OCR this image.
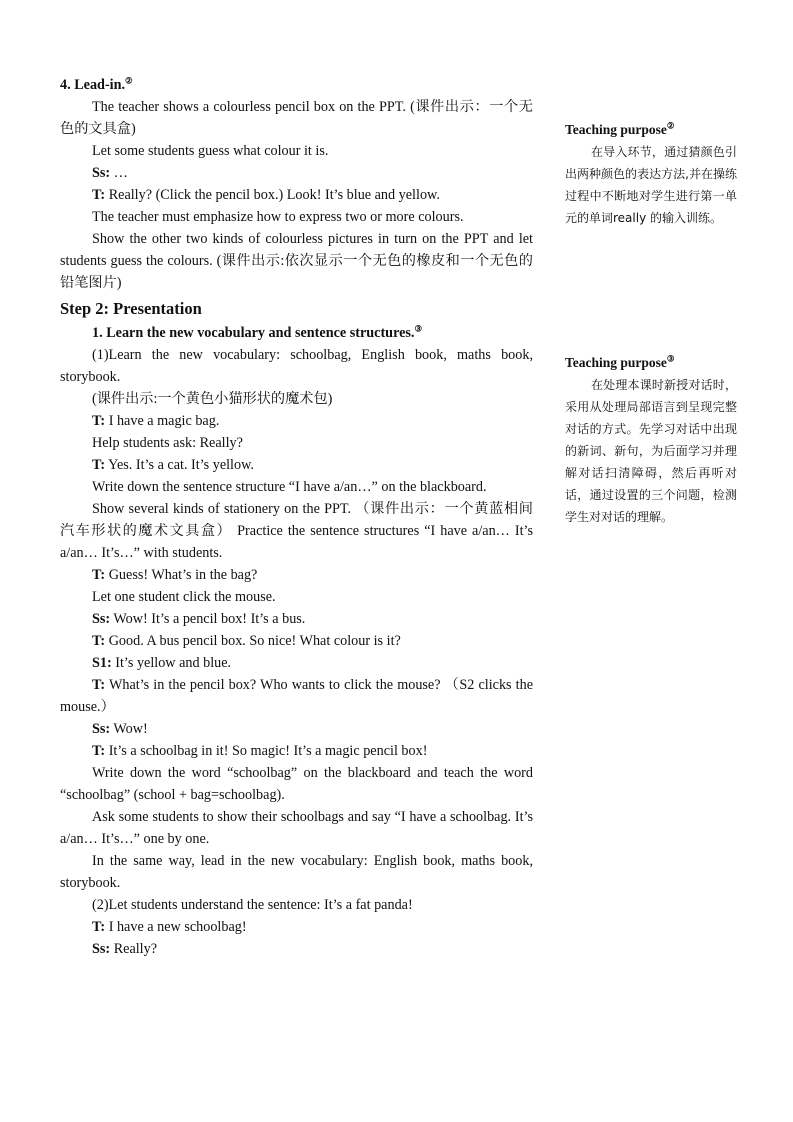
4. Lead-in.②

The teacher shows a colourless pencil box on the PPT. (课件出示：一个无色的文具盒)

Let some students guess what colour it is.

Ss: …

T: Really? (Click the pencil box.) Look! It’s blue and yellow.

The teacher must emphasize how to express two or more colours.

Show the other two kinds of colourless pictures in turn on the PPT and let students guess the colours. (课件出示:依次显示一个无色的橡皮和一个无色的铅笔图片)

Step 2: Presentation

1. Learn the new vocabulary and sentence structures.③

(1)Learn the new vocabulary: schoolbag, English book, maths book, storybook.

(课件出示:一个黄色小猫形状的魔术包)

T: I have a magic bag.

Help students ask: Really?

T: Yes. It’s a cat. It’s yellow.

Write down the sentence structure “I have a/an…” on the blackboard.

Show several kinds of stationery on the PPT. （课件出示：一个黄蓝相间汽车形状的魔术文具盒） Practice the sentence structures “I have a/an… It’s a/an… It’s…” with students.

T: Guess! What’s in the bag?

Let one student click the mouse.

Ss: Wow! It’s a pencil box! It’s a bus.

T: Good. A bus pencil box. So nice! What colour is it?

S1: It’s yellow and blue.

T: What’s in the pencil box? Who wants to click the mouse? （S2 clicks the mouse.）

Ss: Wow!

T: It’s a schoolbag in it! So magic! It’s a magic pencil box!

Write down the word “schoolbag” on the blackboard and teach the word “schoolbag” (school + bag=schoolbag).

Ask some students to show their schoolbags and say “I have a schoolbag. It’s a/an… It’s…” one by one.

In the same way, lead in the new vocabulary: English book, maths book, storybook.

(2)Let students understand the sentence: It’s a fat panda!

T: I have a new schoolbag!

Ss: Really?

Teaching purpose②

在导入环节，通过猜颜色引出两种颜色的表达方法,并在操练过程中不断地对学生进行第一单元的单词really 的输入训练。

Teaching purpose③

在处理本课时新授对话时，采用从处理局部语言到呈现完整对话的方式。先学习对话中出现的新词、新句，为后面学习并理解对话扫清障碍，然后再听对话，通过设置的三个问题，检测学生对对话的理解。
